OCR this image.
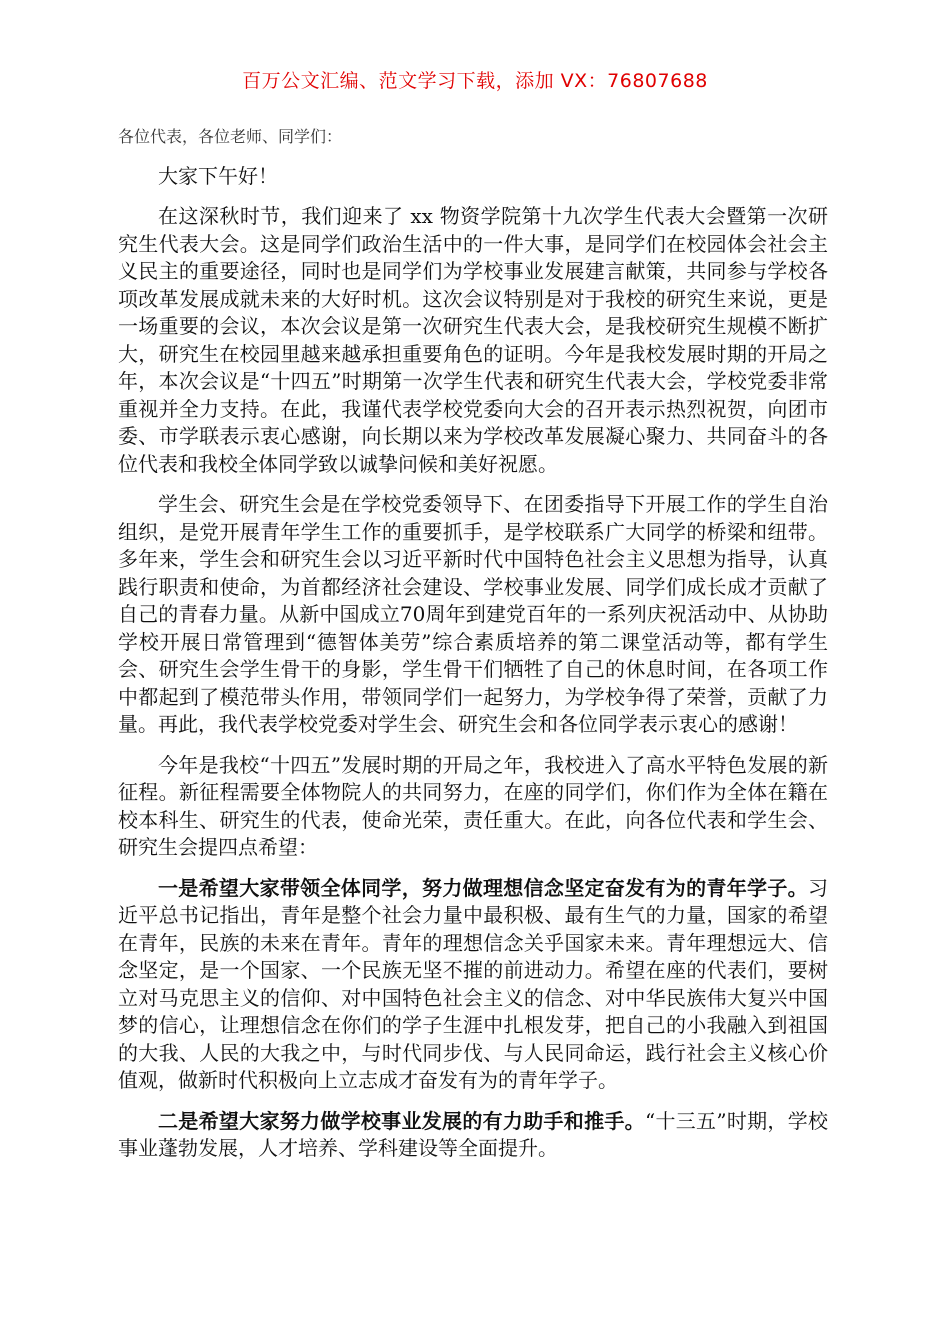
百万公文汇编、范文学习下载，添加 VX：76807688

各位代表，各位老师、同学们：

大家下午好！

在这深秋时节，我们迎来了 xx 物资学院第十九次学生代表大会暨第一次研究生代表大会。这是同学们政治生活中的一件大事，是同学们在校园体会社会主义民主的重要途径，同时也是同学们为学校事业发展建言献策，共同参与学校各项改革发展成就未来的大好时机。这次会议特别是对于我校的研究生来说，更是一场重要的会议，本次会议是第一次研究生代表大会，是我校研究生规模不断扩大，研究生在校园里越来越承担重要角色的证明。今年是我校发展时期的开局之年，本次会议是“十四五”时期第一次学生代表和研究生代表大会，学校党委非常重视并全力支持。在此，我谨代表学校党委向大会的召开表示热烈祝贺，向团市委、市学联表示衷心感谢，向长期以来为学校改革发展凝心聚力、共同奋斗的各位代表和我校全体同学致以诚挚问候和美好祝愿。

学生会、研究生会是在学校党委领导下、在团委指导下开展工作的学生自治组织，是党开展青年学生工作的重要抓手，是学校联系广大同学的桥梁和纽带。多年来，学生会和研究生会以习近平新时代中国特色社会主义思想为指导，认真践行职责和使命，为首都经济社会建设、学校事业发展、同学们成长成才贡献了自己的青春力量。从新中国成立70周年到建党百年的一系列庆祝活动中、从协助学校开展日常管理到“德智体美劳”综合素质培养的第二课堂活动等，都有学生会、研究生会学生骨干的身影，学生骨干们牺牲了自己的休息时间，在各项工作中都起到了模范带头作用，带领同学们一起努力，为学校争得了荣誉，贡献了力量。再此，我代表学校党委对学生会、研究生会和各位同学表示衷心的感谢！

今年是我校“十四五”发展时期的开局之年，我校进入了高水平特色发展的新征程。新征程需要全体物院人的共同努力，在座的同学们，你们作为全体在籍在校本科生、研究生的代表，使命光荣，责任重大。在此，向各位代表和学生会、研究生会提四点希望：

一是希望大家带领全体同学，努力做理想信念坚定奋发有为的青年学子。习近平总书记指出，青年是整个社会力量中最积极、最有生气的力量，国家的希望在青年，民族的未来在青年。青年的理想信念关乎国家未来。青年理想远大、信念坚定，是一个国家、一个民族无坚不摧的前进动力。希望在座的代表们，要树立对马克思主义的信仰、对中国特色社会主义的信念、对中华民族伟大复兴中国梦的信心，让理想信念在你们的学子生涯中扎根发芽，把自己的小我融入到祖国的大我、人民的大我之中，与时代同步伐、与人民同命运，践行社会主义核心价值观，做新时代积极向上立志成才奋发有为的青年学子。

二是希望大家努力做学校事业发展的有力助手和推手。“十三五”时期，学校事业蓬勃发展，人才培养、学科建设等全面提升。
